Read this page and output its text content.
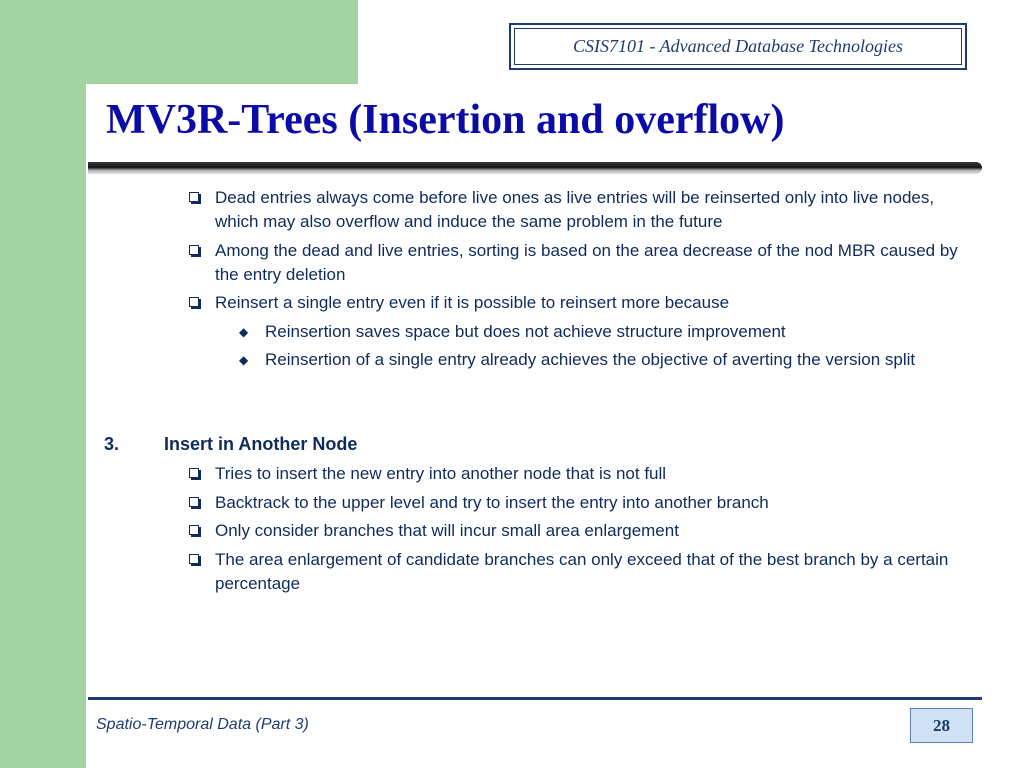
CSIS7101 - Advanced Database Technologies
MV3R-Trees (Insertion and overflow)
Dead entries always come before live ones as live entries will be reinserted only into live nodes, which may also overflow and induce the same problem in the future
Among the dead and live entries, sorting is based on the area decrease of the nod MBR caused by the entry deletion
Reinsert a single entry even if it is possible to reinsert more because
◆ Reinsertion saves space but does not achieve structure improvement
◆ Reinsertion of a single entry already achieves the objective of averting the version split
3. Insert in Another Node
Tries to insert the new entry into another node that is not full
Backtrack to the upper level and try to insert the entry into another branch
Only consider branches that will incur small area enlargement
The area enlargement of candidate branches can only exceed that of the best branch by a certain percentage
Spatio-Temporal Data (Part 3)	28
